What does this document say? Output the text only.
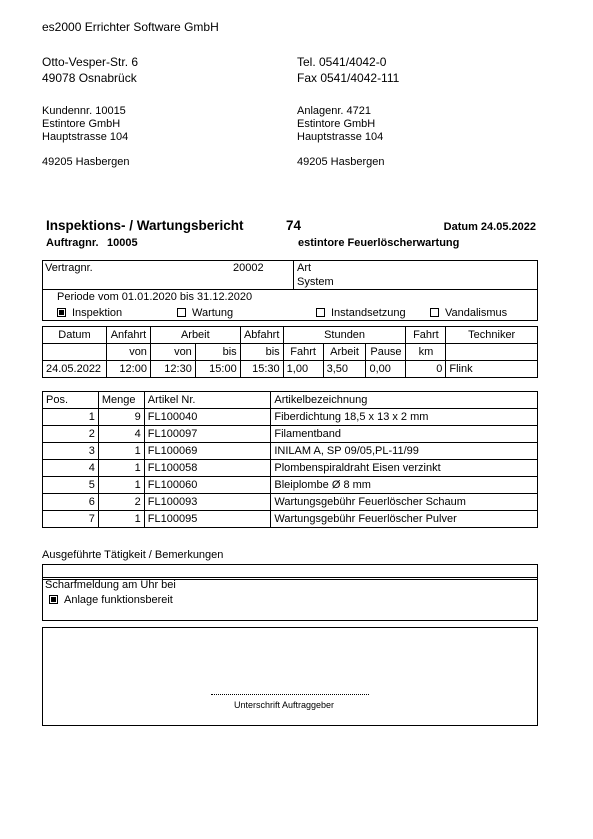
es2000 Errichter Software GmbH
Otto-Vesper-Str. 6
49078 Osnabrück
Tel. 0541/4042-0
Fax 0541/4042-111
Kundennr. 10015
Estintore GmbH
Hauptstrasse 104
49205 Hasbergen
Anlagenr. 4721
Estintore GmbH
Hauptstrasse 104
49205 Hasbergen
Inspektions- / Wartungsbericht	74	Datum 24.05.2022
Auftragnr. 10005	estintore Feuerlöscherwartung
Vertragnr.	20002	Art
System
Periode vom 01.01.2020 bis 31.12.2020
Inspektion	Wartung	Instandsetzung	Vandalismus
Datum	Anfahrt	Arbeit		Abfahrt	Stunden			Fahrt	Techniker
	von	von	bis	bis	Fahrt	Arbeit	Pause	km	
24.05.2022	12:00	12:30	15:00	15:30	1,00	3,50	0,00	0	Flink
Pos.	Menge	Artikel Nr.	Artikelbezeichnung
1	9	FL100040	Fiberdichtung 18,5 x 13 x 2 mm
2	4	FL100097	Filamentband
3	1	FL100069	INILAM A, SP 09/05,PL-11/99
4	1	FL100058	Plombenspiraldraht Eisen verzinkt
5	1	FL100060	Bleiplombe Ø 8 mm
6	2	FL100093	Wartungsgebühr Feuerlöscher Schaum
7	1	FL100095	Wartungsgebühr Feuerlöscher Pulver
Ausgeführte Tätigkeit / Bemerkungen
Scharfmeldung am Uhr bei
Anlage funktionsbereit
Unterschrift Auftraggeber
